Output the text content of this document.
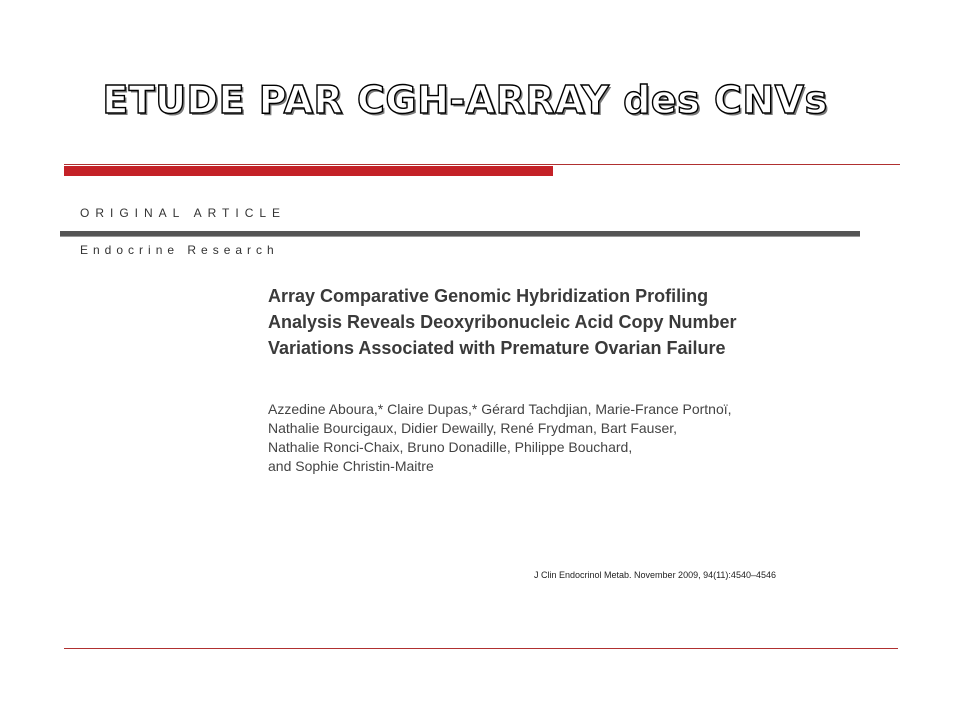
ETUDE PAR CGH-ARRAY des CNVs
ORIGINAL ARTICLE
Endocrine Research
Array Comparative Genomic Hybridization Profiling
Analysis Reveals Deoxyribonucleic Acid Copy Number
Variations Associated with Premature Ovarian Failure
Azzedine Aboura,* Claire Dupas,* Gérard Tachdjian, Marie-France Portnoï,
Nathalie Bourcigaux, Didier Dewailly, René Frydman, Bart Fauser,
Nathalie Ronci-Chaix, Bruno Donadille, Philippe Bouchard,
and Sophie Christin-Maitre
J Clin Endocrinol Metab. November 2009, 94(11):4540–4546
